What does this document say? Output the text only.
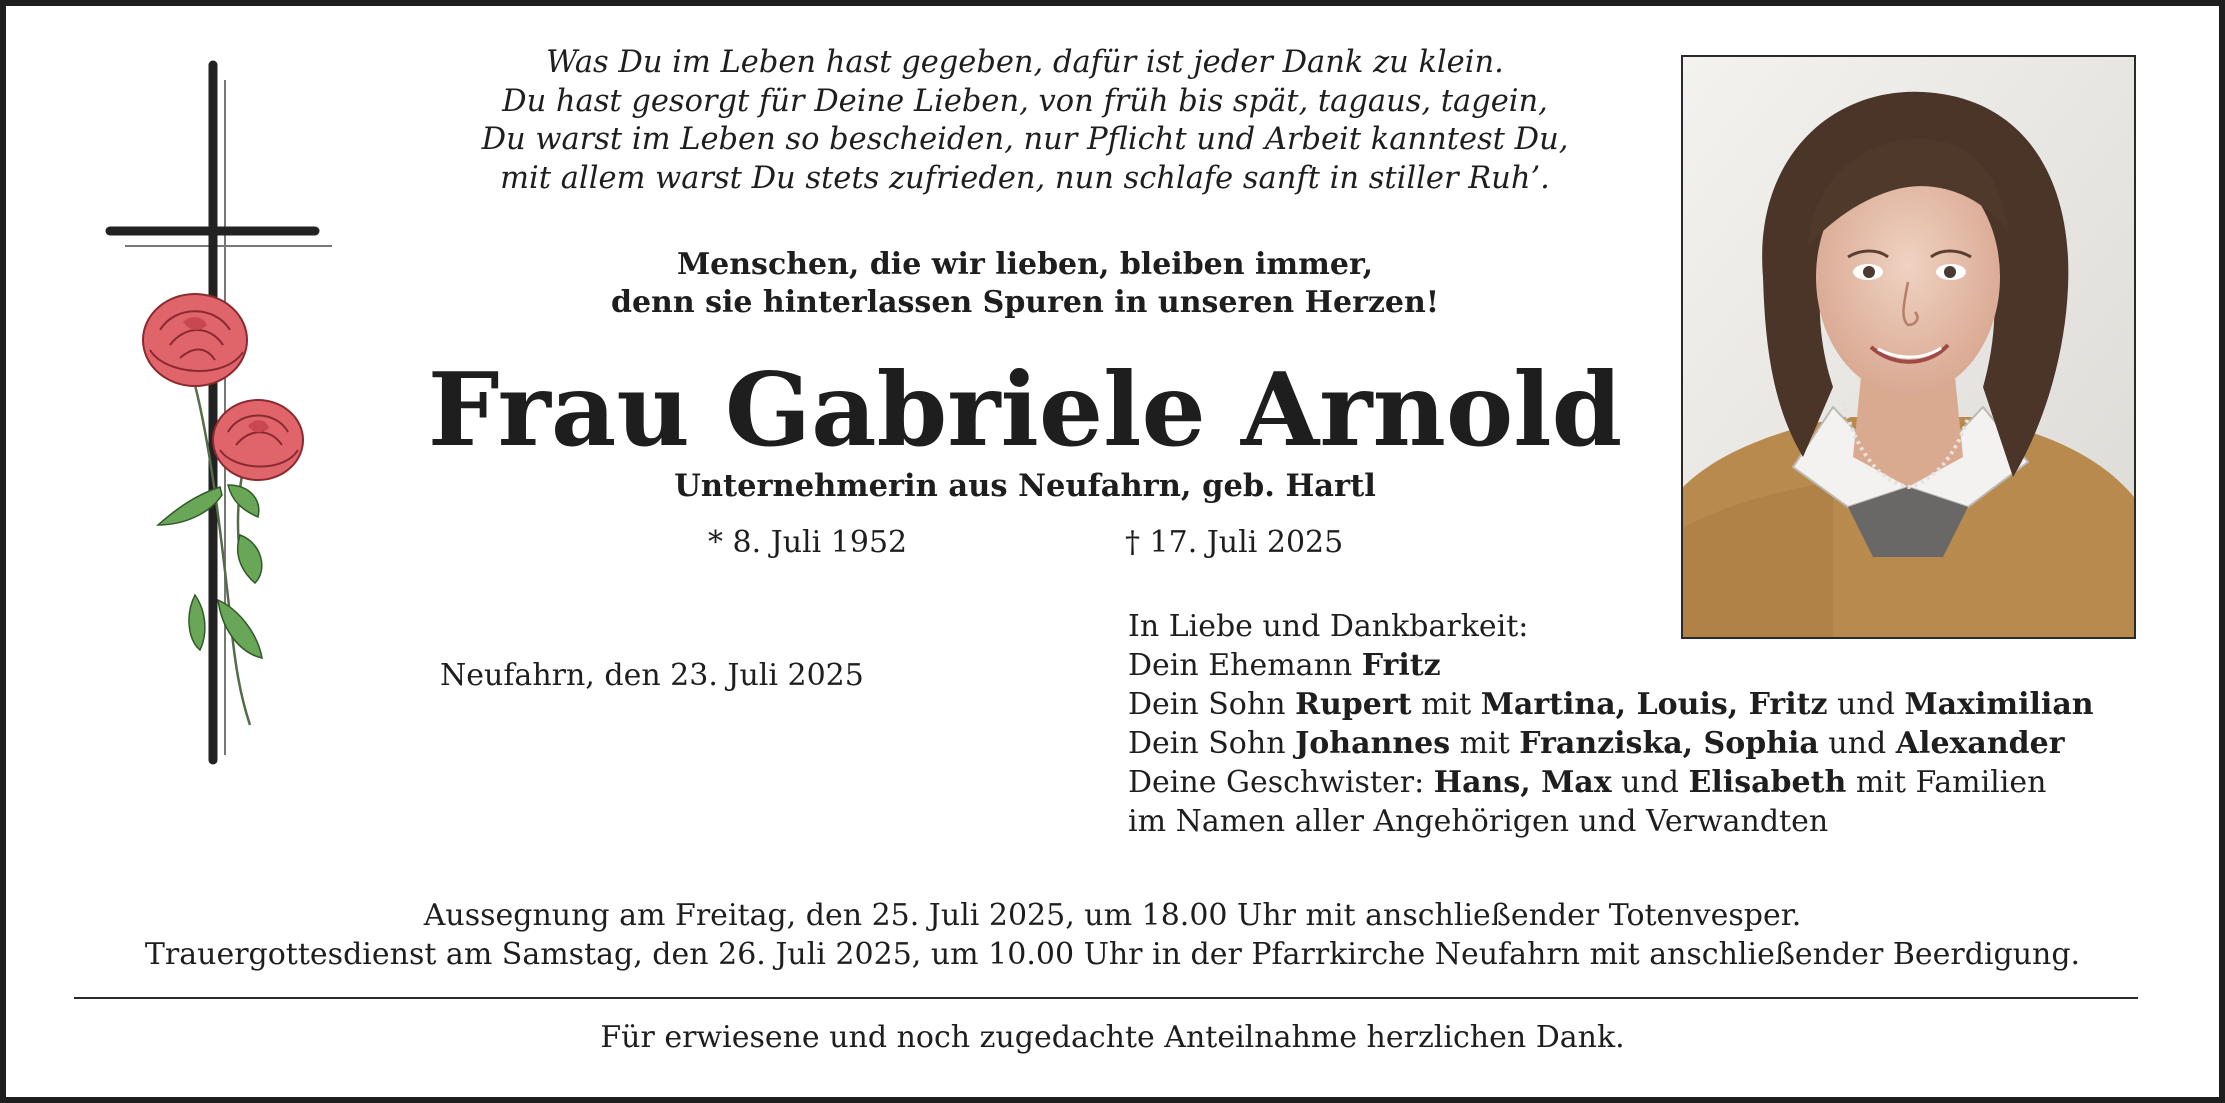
Was Du im Leben hast gegeben, dafür ist jeder Dank zu klein.
Du hast gesorgt für Deine Lieben, von früh bis spät, tagaus, tagein,
Du warst im Leben so bescheiden, nur Pflicht und Arbeit kanntest Du,
mit allem warst Du stets zufrieden, nun schlafe sanft in stiller Ruh’.
Menschen, die wir lieben, bleiben immer,
denn sie hinterlassen Spuren in unseren Herzen!
Frau Gabriele Arnold
Unternehmerin aus Neufahrn, geb. Hartl
* 8. Juli 1952	† 17. Juli 2025
Neufahrn, den 23. Juli 2025
In Liebe und Dankbarkeit:
Dein Ehemann Fritz
Dein Sohn Rupert mit Martina, Louis, Fritz und Maximilian
Dein Sohn Johannes mit Franziska, Sophia und Alexander
Deine Geschwister: Hans, Max und Elisabeth mit Familien
im Namen aller Angehörigen und Verwandten
Aussegnung am Freitag, den 25. Juli 2025, um 18.00 Uhr mit anschließender Totenvesper.
Trauergottesdienst am Samstag, den 26. Juli 2025, um 10.00 Uhr in der Pfarrkirche Neufahrn mit anschließender Beerdigung.
Für erwiesene und noch zugedachte Anteilnahme herzlichen Dank.
